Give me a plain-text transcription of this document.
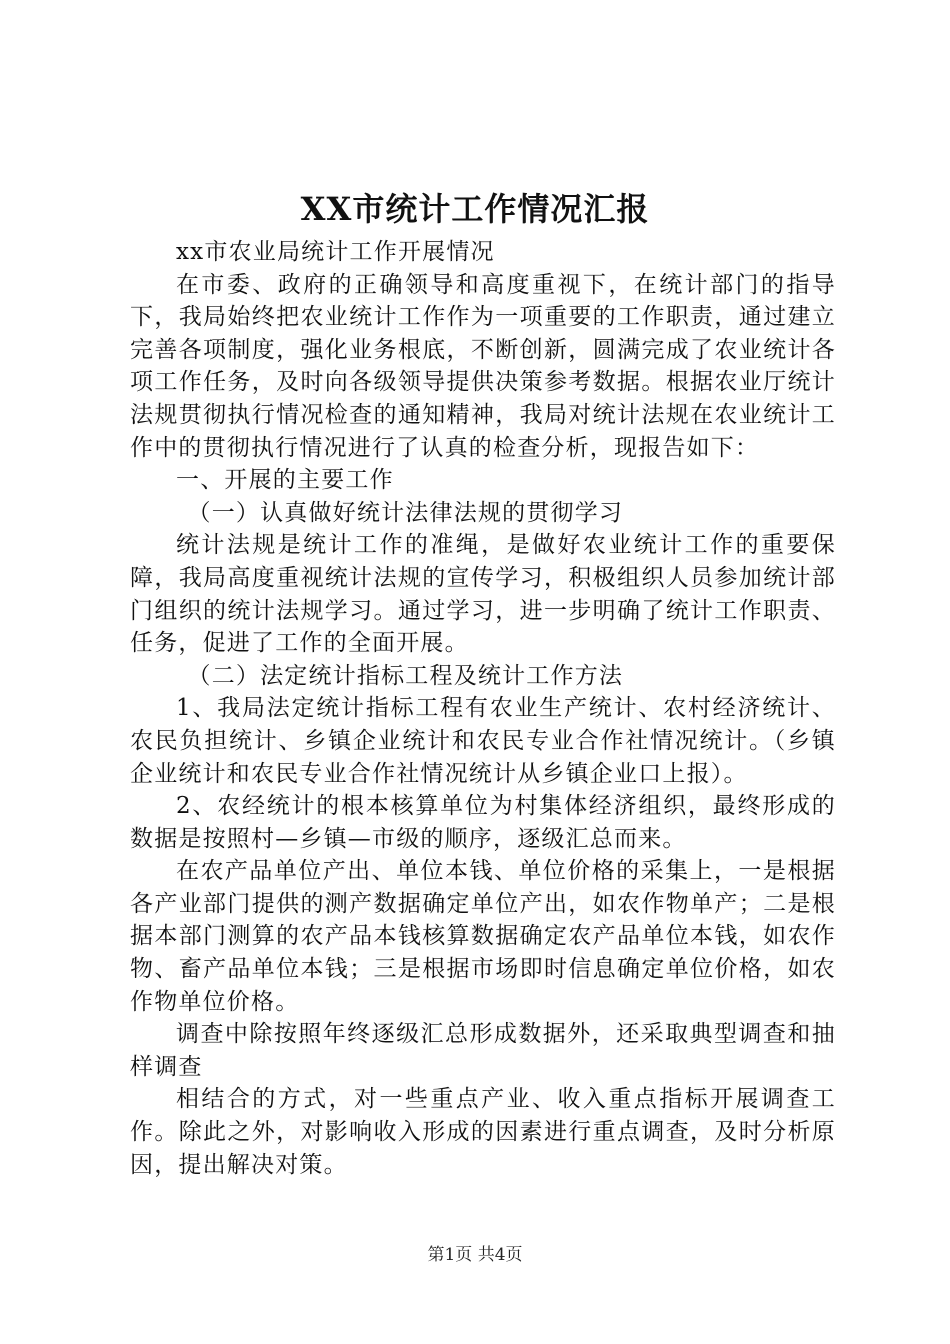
XX市统计工作情况汇报

xx市农业局统计工作开展情况

在市委、政府的正确领导和高度重视下，在统计部门的指导下，我局始终把农业统计工作作为一项重要的工作职责，通过建立完善各项制度，强化业务根底，不断创新，圆满完成了农业统计各项工作任务，及时向各级领导提供决策参考数据。根据农业厅统计法规贯彻执行情况检查的通知精神，我局对统计法规在农业统计工作中的贯彻执行情况进行了认真的检查分析，现报告如下：

一、开展的主要工作

（一）认真做好统计法律法规的贯彻学习

统计法规是统计工作的准绳，是做好农业统计工作的重要保障，我局高度重视统计法规的宣传学习，积极组织人员参加统计部门组织的统计法规学习。通过学习，进一步明确了统计工作职责、任务，促进了工作的全面开展。

（二）法定统计指标工程及统计工作方法

1、我局法定统计指标工程有农业生产统计、农村经济统计、农民负担统计、乡镇企业统计和农民专业合作社情况统计。（乡镇企业统计和农民专业合作社情况统计从乡镇企业口上报）。

2、农经统计的根本核算单位为村集体经济组织，最终形成的数据是按照村—乡镇—市级的顺序，逐级汇总而来。

在农产品单位产出、单位本钱、单位价格的采集上，一是根据各产业部门提供的测产数据确定单位产出，如农作物单产；二是根据本部门测算的农产品本钱核算数据确定农产品单位本钱，如农作物、畜产品单位本钱；三是根据市场即时信息确定单位价格，如农作物单位价格。

调查中除按照年终逐级汇总形成数据外，还采取典型调查和抽样调查

相结合的方式，对一些重点产业、收入重点指标开展调查工作。除此之外，对影响收入形成的因素进行重点调查，及时分析原因，提出解决对策。

第1页 共4页
